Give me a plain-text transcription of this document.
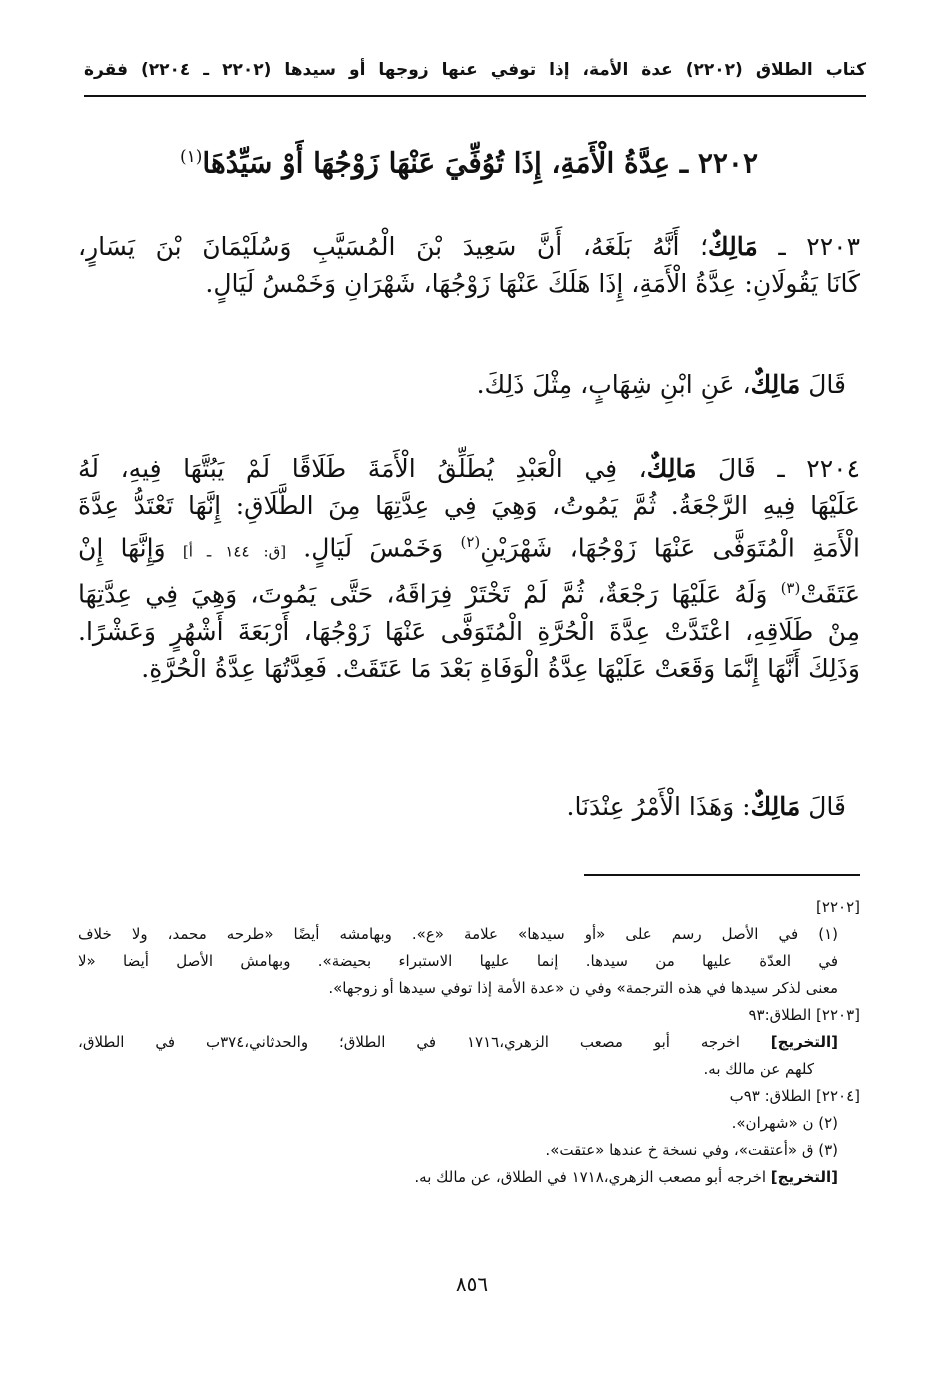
كتاب الطلاق (٢٢٠٢) عدة الأمة، إذا توفي عنها زوجها أو سيدها (٢٢٠٢ ـ ٢٢٠٤) فقرة
٢٢٠٢ ـ عِدَّةُ الْأَمَةِ، إِذَا تُوُفِّيَ عَنْهَا زَوْجُهَا أَوْ سَيِّدُهَا$^{(١)}$
٢٢٠٣ ـ مَالِكٌ؛ أَنَّهُ بَلَغَهُ، أَنَّ سَعِيدَ بْنَ الْمُسَيَّبِ وَسُلَيْمَانَ بْنَ يَسَارٍ،
كَانَا يَقُولَانِ: عِدَّةُ الْأَمَةِ، إِذَا هَلَكَ عَنْهَا زَوْجُهَا، شَهْرَانِ وَخَمْسُ لَيَالٍ.
قَالَ مَالِكٌ، عَنِ ابْنِ شِهَابٍ، مِثْلَ ذَلِكَ.
٢٢٠٤ ـ قَالَ مَالِكٌ، فِي الْعَبْدِ يُطَلِّقُ الْأَمَةَ طَلَاقًا لَمْ يَبُتَّهَا فِيهِ، لَهُ
عَلَيْهَا فِيهِ الرَّجْعَةُ. ثُمَّ يَمُوتُ، وَهِيَ فِي عِدَّتِهَا مِنَ الطَّلَاقِ: إِنَّهَا تَعْتَدُّ عِدَّةَ
الْأَمَةِ الْمُتَوَفَّى عَنْهَا زَوْجُهَا، شَهْرَيْنِ$^{(٢)}$ وَخَمْسَ لَيَالٍ. [ق: ١٤٤ ـ أ] وَإِنَّهَا إِنْ
عَتَقَتْ$^{(٣)}$ وَلَهُ عَلَيْهَا رَجْعَةٌ، ثُمَّ لَمْ تَخْتَرْ فِرَاقَهُ، حَتَّى يَمُوتَ، وَهِيَ فِي عِدَّتِهَا
مِنْ طَلَاقِهِ، اعْتَدَّتْ عِدَّةَ الْحُرَّةِ الْمُتَوَفَّى عَنْهَا زَوْجُهَا، أَرْبَعَةَ أَشْهُرٍ وَعَشْرًا.
وَذَلِكَ أَنَّهَا إِنَّمَا وَقَعَتْ عَلَيْهَا عِدَّةُ الْوَفَاةِ بَعْدَ مَا عَتَقَتْ. فَعِدَّتُهَا عِدَّةُ الْحُرَّةِ.
قَالَ مَالِكٌ: وَهَذَا الْأَمْرُ عِنْدَنَا.
[٢٢٠٢]
(١) في الأصل رسم على «أو سيدها» علامة «ع». وبهامشه أيضًا «طرحه محمد، ولا خلاف
في العدّة عليها من سيدها. إنما عليها الاستبراء بحيضة». وبهامش الأصل أيضا «لا
معنى لذكر سيدها في هذه الترجمة» وفي ن «عدة الأمة إذا توفي سيدها أو زوجها».
[٢٢٠٣] الطلاق:٩٣
[التخريج] اخرجه أبو مصعب الزهري،١٧١٦ في الطلاق؛ والحدثاني،٣٧٤ب في الطلاق،
كلهم عن مالك به.
[٢٢٠٤] الطلاق: ٩٣ب
(٢) ن «شهران».
(٣) ق «أعتقت»، وفي نسخة خ عندها «عتقت».
[التخريج] اخرجه أبو مصعب الزهري،١٧١٨ في الطلاق، عن مالك به.
٨٥٦
